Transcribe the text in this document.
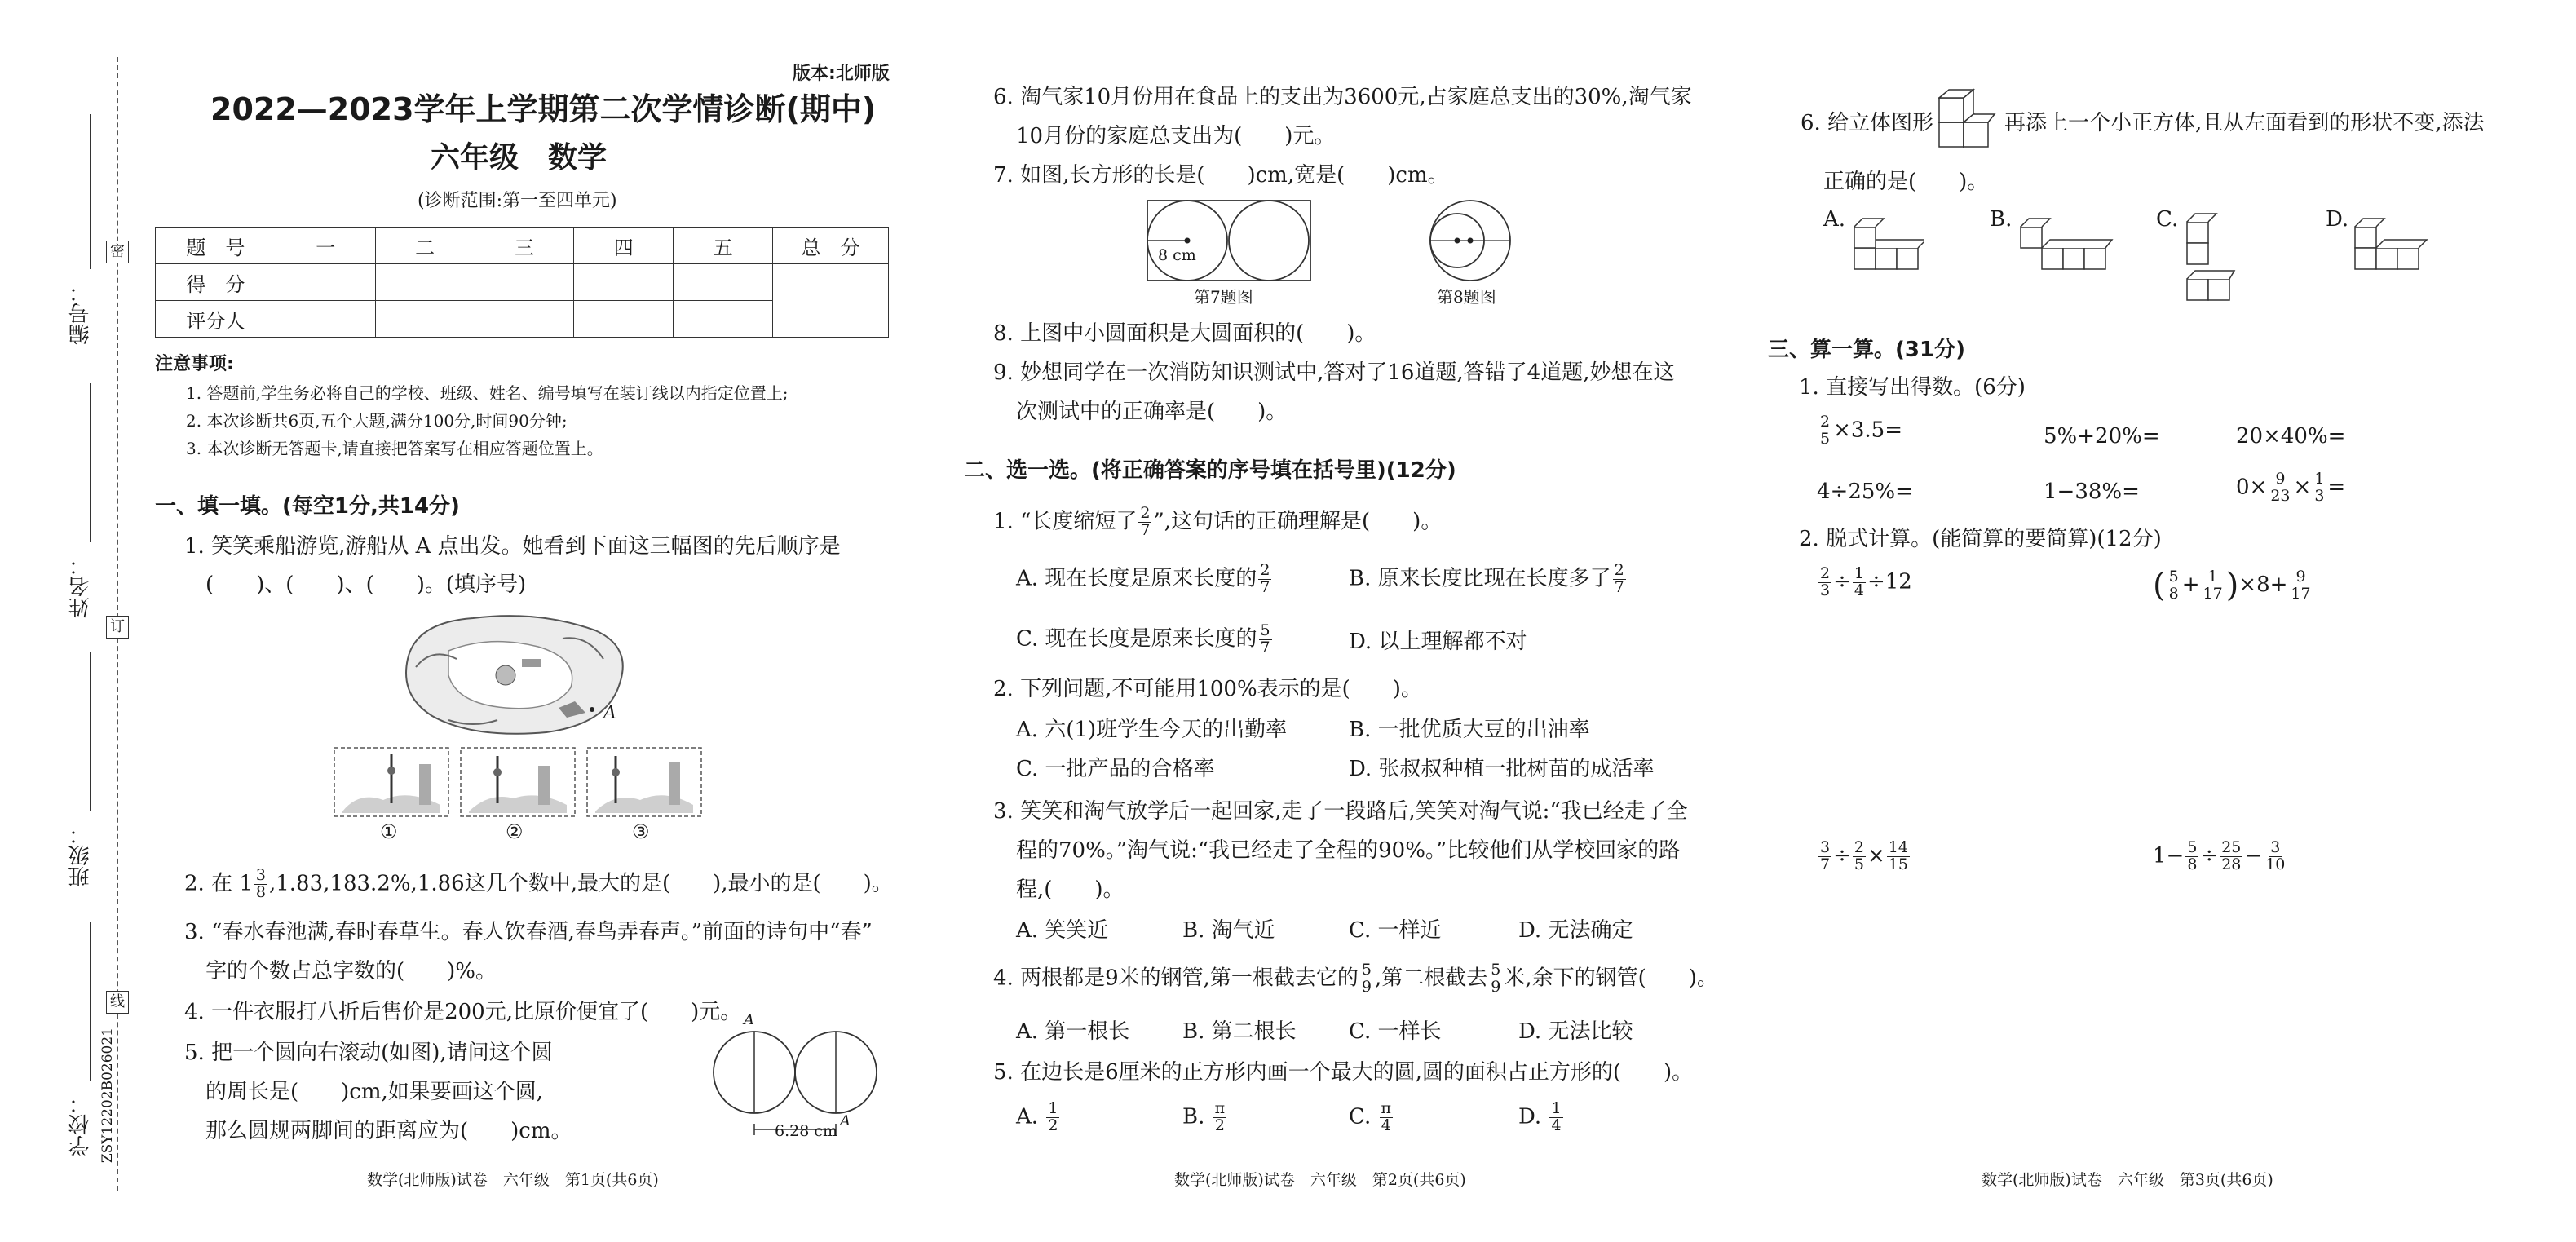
密
订
线
编号：
姓名：
班级：
学校： ZSY12202B026021
版本:北师版
2022—2023学年上学期第二次学情诊断(期中)
六年级　数学
(诊断范围:第一至四单元)
题　号	一	二	三	四	五	总　分
得　分						
评分人						
注意事项:
1. 答题前,学生务必将自己的学校、班级、姓名、编号填写在装订线以内指定位置上;
2. 本次诊断共6页,五个大题,满分100分,时间90分钟;
3. 本次诊断无答题卡,请直接把答案写在相应答题位置上。
一、填一填。(每空1分,共14分)
1. 笑笑乘船游览,游船从 A 点出发。她看到下面这三幅图的先后顺序是
(　　)、(　　)、(　　)。(填序号)
A
①	②	③
2. 在 $1 \frac{3}{8} ,1.83,183.2\%,1.86$这几个数中,最大的是(　　),最小的是(　　)。
3. “春水春池满,春时春草生。春人饮春酒,春鸟弄春声。”前面的诗句中“春”
字的个数占总字数的(　　)%。
4. 一件衣服打八折后售价是200元,比原价便宜了(　　)元。
5. 把一个圆向右滚动(如图),请问这个圆
的周长是(　　)cm,如果要画这个圆,
那么圆规两脚间的距离应为(　　)cm。
A
A
6.28 cm
数学(北师版)试卷　六年级　第1页(共6页)
6. 淘气家10月份用在食品上的支出为3600元,占家庭总支出的30%,淘气家
10月份的家庭总支出为(　　)元。
7. 如图,长方形的长是(　　)cm,宽是(　　)cm。
8 cm
第7题图	第8题图
8. 上图中小圆面积是大圆面积的(　　)。
9. 妙想同学在一次消防知识测试中,答对了16道题,答错了4道题,妙想在这
次测试中的正确率是(　　)。
二、选一选。(将正确答案的序号填在括号里)(12分)
1. “长度缩短了 $\frac{2}{7}$ ”,这句话的正确理解是(　　)。
A. 现在长度是原来长度的 $\frac{2}{7}$	B. 原来长度比现在长度多了 $\frac{2}{7}$
C. 现在长度是原来长度的 $\frac{5}{7}$	D. 以上理解都不对
2. 下列问题,不可能用100%表示的是(　　)。
A. 六(1)班学生今天的出勤率	B. 一批优质大豆的出油率
C. 一批产品的合格率	D. 张叔叔种植一批树苗的成活率
3. 笑笑和淘气放学后一起回家,走了一段路后,笑笑对淘气说:“我已经走了全
程的70%。”淘气说:“我已经走了全程的90%。”比较他们从学校回家的路
程,(　　)。
A. 笑笑近	B. 淘气近	C. 一样近	D. 无法确定
4. 两根都是9米的钢管,第一根截去它的 $\frac{5}{9}$ ,第二根截去 $\frac{5}{9}$ 米,余下的钢管(　　)。
A. 第一根长 B. 第二根长 C. 一样长	D. 无法比较
5. 在边长是6厘米的正方形内画一个最大的圆,圆的面积占正方形的(　　)。
A. $\frac{1}{2}$	B. $\frac{\pi}{2}$	C. $\frac{\pi}{4}$	D. $\frac{1}{4}$
数学(北师版)试卷　六年级　第2页(共6页)
6. 给立体图形	再添上一个小正方体,且从左面看到的形状不变,添法
正确的是(　　)。
A.	B.	C.	D.
三、算一算。(31分)
1. 直接写出得数。(6分)
$\frac{2}{5} \times 3.5=$	5%+20%=	20×40%=
4÷25%=	1−38%=	$0\times \frac{9}{23} \times \frac{1}{3}$ =
2. 脱式计算。(能简算的要简算)(12分)
$\frac{2}{3} \div \frac{1}{4} \div 12$	( $\frac{5}{8} + \frac{1}{17} )\times 8+ \frac{9}{17}$
$\frac{3}{7} \div \frac{2}{5} \times \frac{14}{15}$	$1- \frac{5}{8} \div \frac{25}{28} - \frac{3}{10}$
数学(北师版)试卷　六年级　第3页(共6页)
